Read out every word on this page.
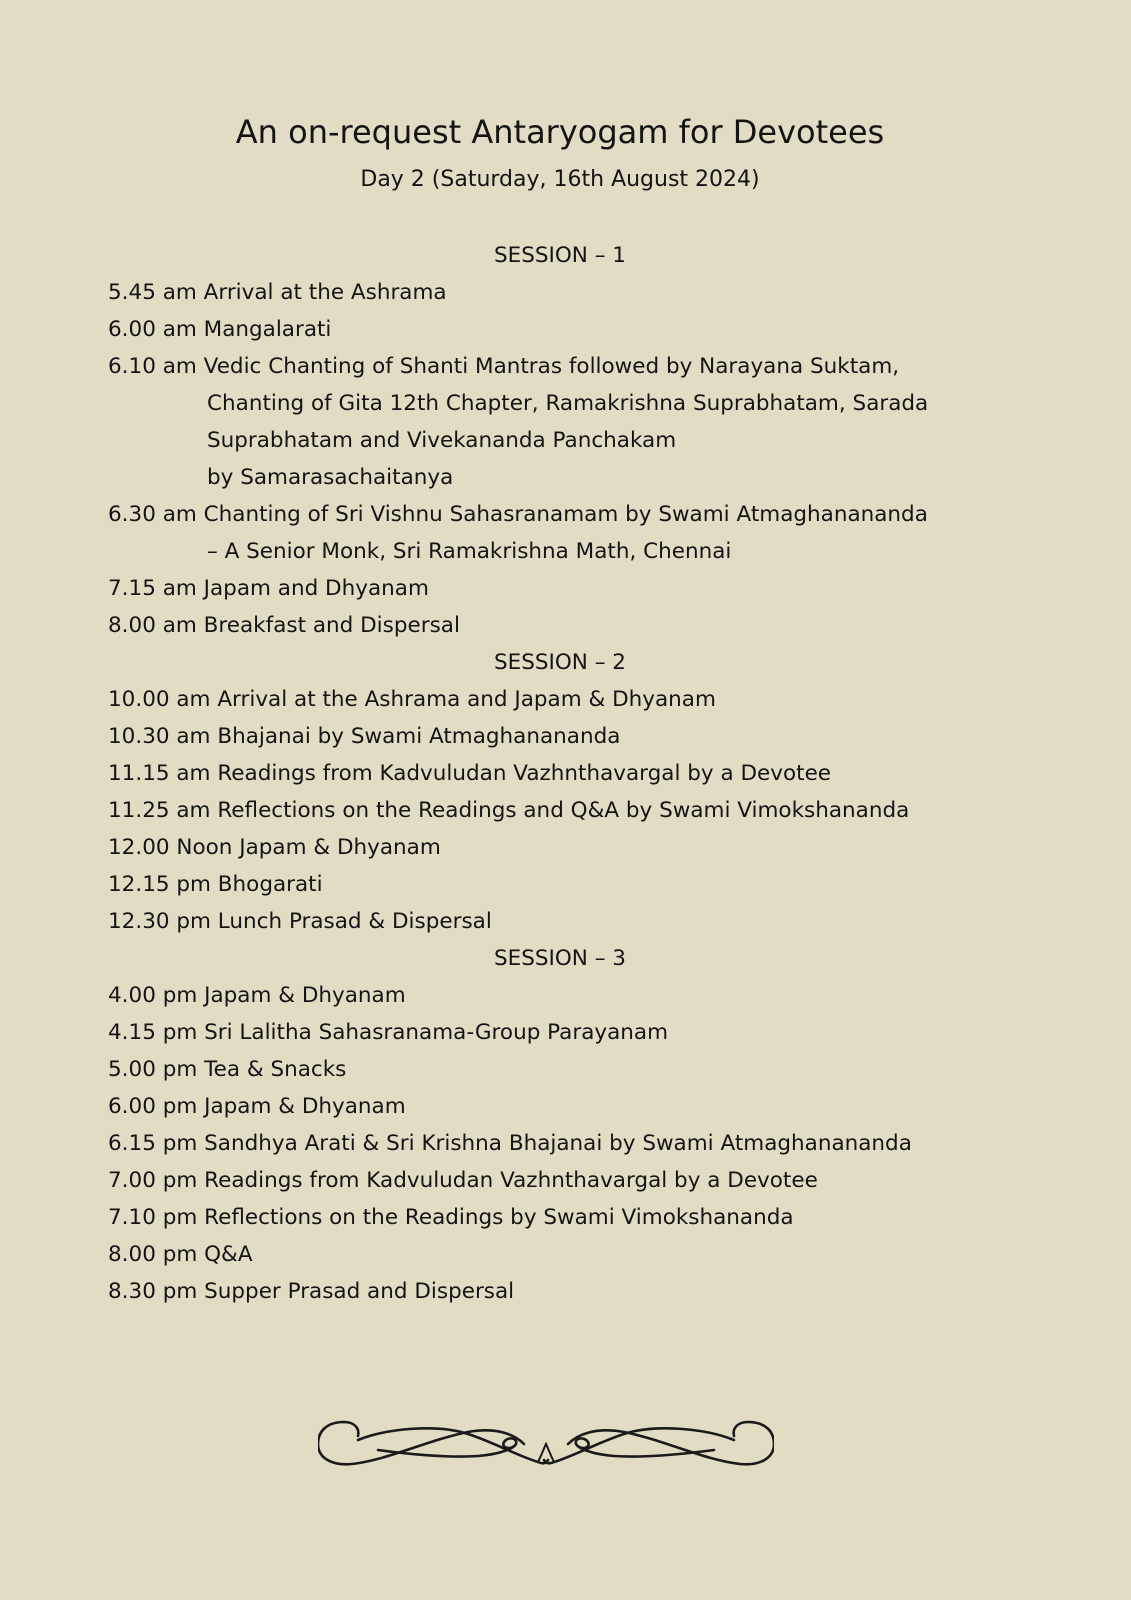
An on-request Antaryogam for Devotees
Day 2 (Saturday, 16th August 2024)
SESSION – 1
5.45 am Arrival at the Ashrama
6.00 am Mangalarati
6.10 am Vedic Chanting of Shanti Mantras followed by Narayana Suktam,
Chanting of Gita 12th Chapter, Ramakrishna Suprabhatam, Sarada
Suprabhatam and Vivekananda Panchakam
by Samarasachaitanya
6.30 am Chanting of Sri Vishnu Sahasranamam by Swami Atmaghanananda
– A Senior Monk, Sri Ramakrishna Math, Chennai
7.15 am Japam and Dhyanam
8.00 am Breakfast and Dispersal
SESSION – 2
10.00 am Arrival at the Ashrama and Japam & Dhyanam
10.30 am Bhajanai by Swami Atmaghanananda
11.15 am Readings from Kadvuludan Vazhnthavargal by a Devotee
11.25 am Reflections on the Readings and Q&A by Swami Vimokshananda
12.00 Noon Japam & Dhyanam
12.15 pm Bhogarati
12.30 pm Lunch Prasad & Dispersal
SESSION – 3
4.00 pm Japam & Dhyanam
4.15 pm Sri Lalitha Sahasranama-Group Parayanam
5.00 pm Tea & Snacks
6.00 pm Japam & Dhyanam
6.15 pm Sandhya Arati & Sri Krishna Bhajanai by Swami Atmaghanananda
7.00 pm Readings from Kadvuludan Vazhnthavargal by a Devotee
7.10 pm Reflections on the Readings by Swami Vimokshananda
8.00 pm Q&A
8.30 pm Supper Prasad and Dispersal
